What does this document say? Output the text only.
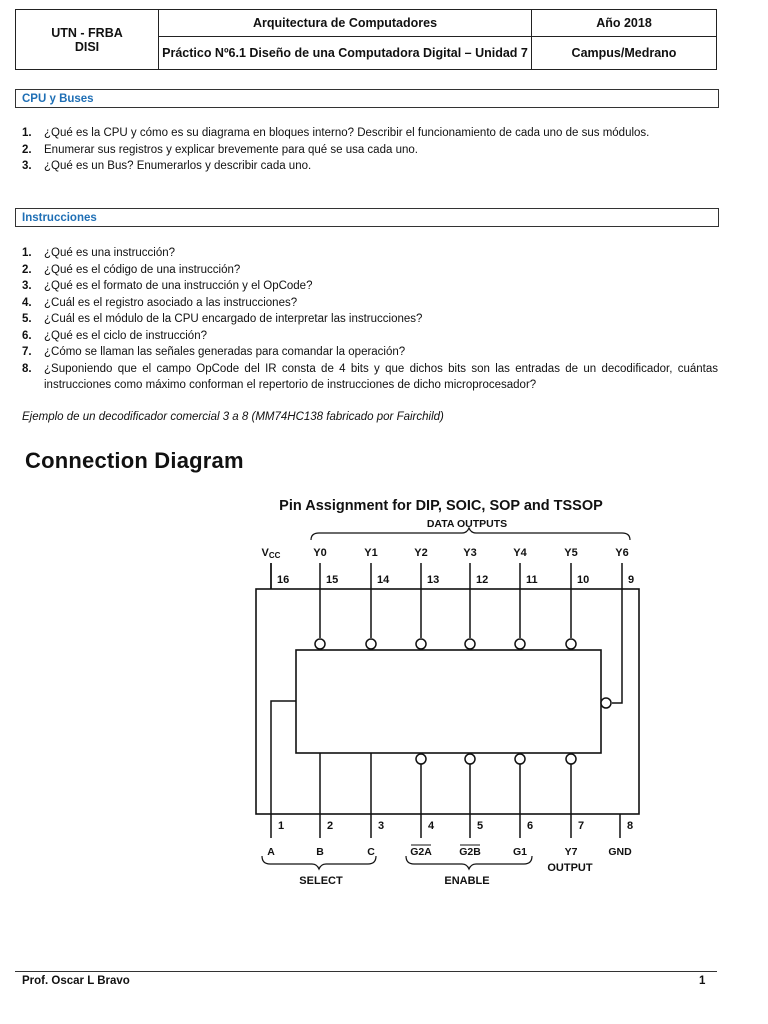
UTN - FRBA
DISI	Arquitectura de Computadores	Año 2018
	Práctico Nº6.1 Diseño de una Computadora Digital – Unidad 7	Campus/Medrano
CPU y Buses
1.	¿Qué es la CPU y cómo es su diagrama en bloques interno? Describir el funcionamiento de cada uno de sus módulos.
2.	Enumerar sus registros y explicar brevemente para qué se usa cada uno.
3.	¿Qué es un Bus? Enumerarlos y describir cada uno.
Instrucciones
1.	¿Qué es una instrucción?
2.	¿Qué es el código de una instrucción?
3.	¿Qué es el formato de una instrucción y el OpCode?
4.	¿Cuál es el registro asociado a las instrucciones?
5.	¿Cuál es el módulo de la CPU encargado de interpretar las instrucciones?
6.	¿Qué es el ciclo de instrucción?
7.	¿Cómo se llaman las señales generadas para comandar la operación?
8.	¿Suponiendo que el campo OpCode del IR consta de 4 bits y que dichos bits son las entradas de un decodificador, cuántas instrucciones como máximo conforman el repertorio de instrucciones de dicho microprocesador?
Ejemplo de un decodificador comercial 3 a 8 (MM74HC138 fabricado por Fairchild)
Connection Diagram
Pin Assignment for DIP, SOIC, SOP and TSSOP
DATA OUTPUTS
VCC
16
Y0
15
Y1
14
Y2
13
Y3
12
Y4
11
Y5
10
Y6
9
1
A
2
B
3
C
4
G2A
5
G2B
6
G1
7
Y7
8
GND
SELECT	ENABLE
OUTPUT
Prof. Oscar L Bravo	1
